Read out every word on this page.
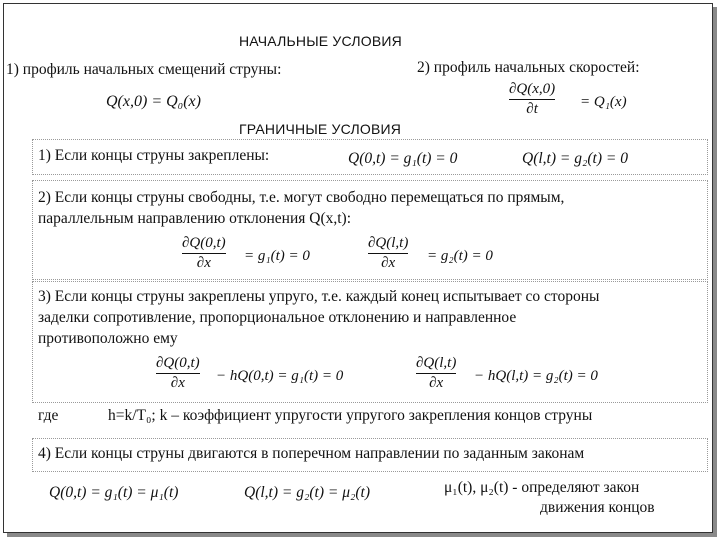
НАЧАЛЬНЫЕ УСЛОВИЯ
1) профиль начальных смещений струны:	2) профиль начальных скоростей:
Q(x,0) = Q₀(x)
∂Q(x,0)
∂t	= Q₁(x)
ГРАНИЧНЫЕ УСЛОВИЯ
1) Если концы струны закреплены:	Q(0,t) = g₁(t) = 0	Q(l,t) = g₂(t) = 0
2) Если концы струны свободны, т.е. могут свободно перемещаться по прямым,
параллельным направлению отклонения Q(x,t):
∂Q(0,t)
∂x	= g₁(t) = 0
∂Q(l,t)
∂x	= g₂(t) = 0
3) Если концы струны закреплены упруго, т.е. каждый конец испытывает со стороны
заделки сопротивление, пропорциональное отклонению и направленное
противоположно ему
∂Q(0,t)
∂x	− hQ(0,t) = g₁(t) = 0
∂Q(l,t)
∂x	− hQ(l,t) = g₂(t) = 0
где	h=k/T₀; k – коэффициент упругости упругого закрепления концов струны
4) Если концы струны двигаются в поперечном направлении по заданным законам
Q(0,t) = g₁(t) = μ₁(t)	Q(l,t) = g₂(t) = μ₂(t)	μ₁(t), μ₂(t) - определяют закон
движения концов
